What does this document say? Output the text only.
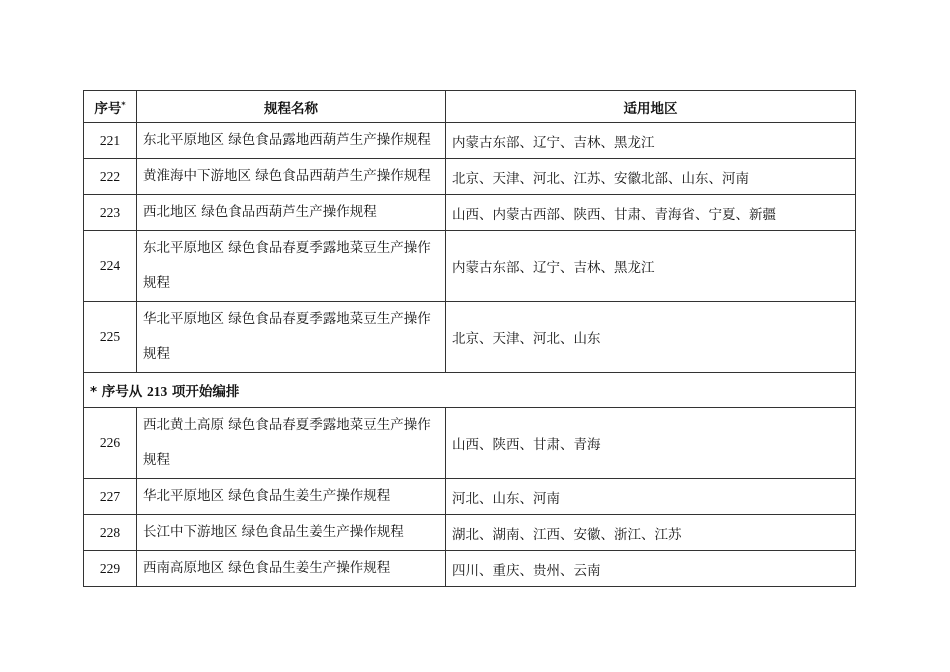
序号*	规程名称	适用地区
221	东北平原地区 绿色食品露地西葫芦生产操作规程	内蒙古东部、辽宁、吉林、黑龙江
222	黄淮海中下游地区 绿色食品西葫芦生产操作规程	北京、天津、河北、江苏、安徽北部、山东、河南
223	西北地区 绿色食品西葫芦生产操作规程	山西、内蒙古西部、陕西、甘肃、青海省、宁夏、新疆
224	东北平原地区 绿色食品春夏季露地菜豆生产操作规程	内蒙古东部、辽宁、吉林、黑龙江
225	华北平原地区 绿色食品春夏季露地菜豆生产操作规程	北京、天津、河北、山东
* 序号从 213 项开始编排		
226	西北黄土高原 绿色食品春夏季露地菜豆生产操作规程	山西、陕西、甘肃、青海
227	华北平原地区 绿色食品生姜生产操作规程	河北、山东、河南
228	长江中下游地区 绿色食品生姜生产操作规程	湖北、湖南、江西、安徽、浙江、江苏
229	西南高原地区 绿色食品生姜生产操作规程	四川、重庆、贵州、云南
